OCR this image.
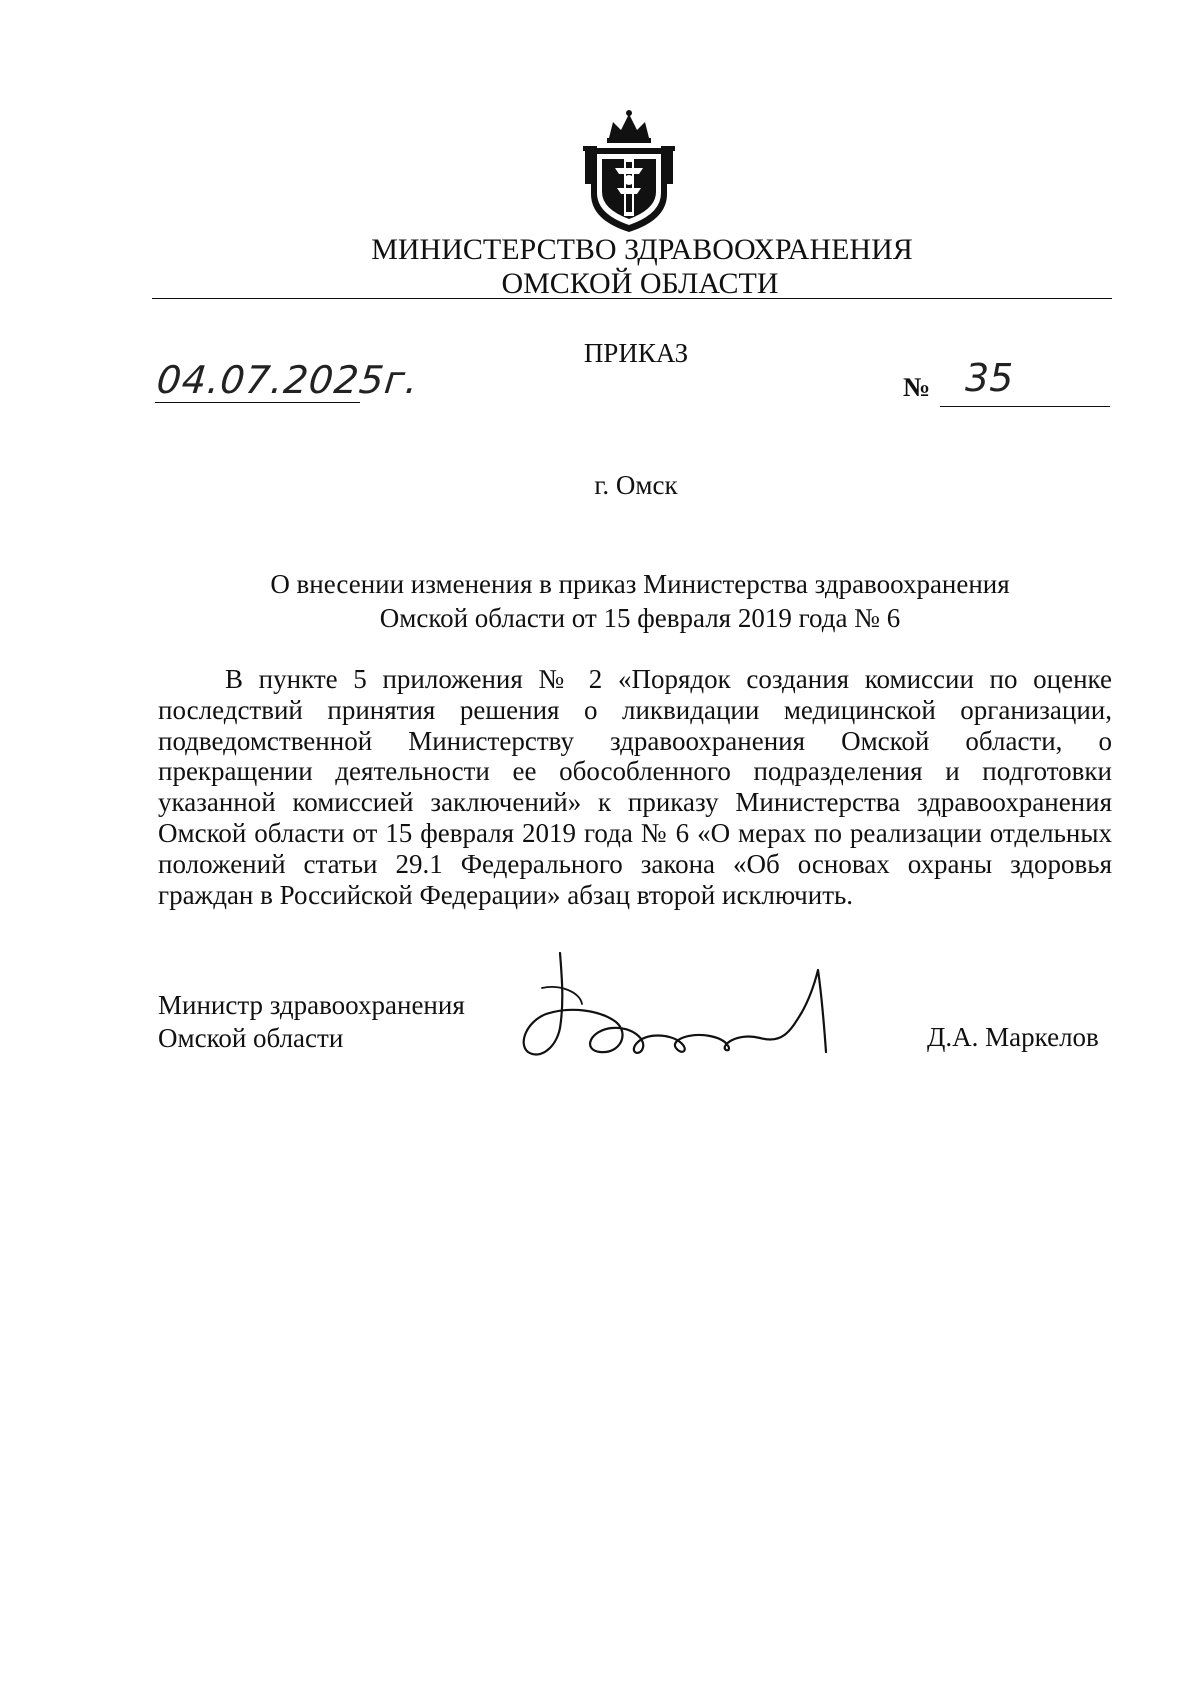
МИНИСТЕРСТВО ЗДРАВООХРАНЕНИЯ
ОМСКОЙ ОБЛАСТИ
ПРИКАЗ
04.07.2025г.	№ 35
г. Омск
О внесении изменения в приказ Министерства здравоохранения
Омской области от 15 февраля 2019 года № 6
В пункте 5 приложения № 2 «Порядок создания комиссии по оценке последствий принятия решения о ликвидации медицинской организации, подведомственной Министерству здравоохранения Омской области, о прекращении деятельности ее обособленного подразделения и подготовки указанной комиссией заключений» к приказу Министерства здравоохранения Омской области от 15 февраля 2019 года № 6 «О мерах по реализации отдельных положений статьи 29.1 Федерального закона «Об основах охраны здоровья граждан в Российской Федерации» абзац второй исключить.
Министр здравоохранения
Омской области	Д.А. Маркелов
